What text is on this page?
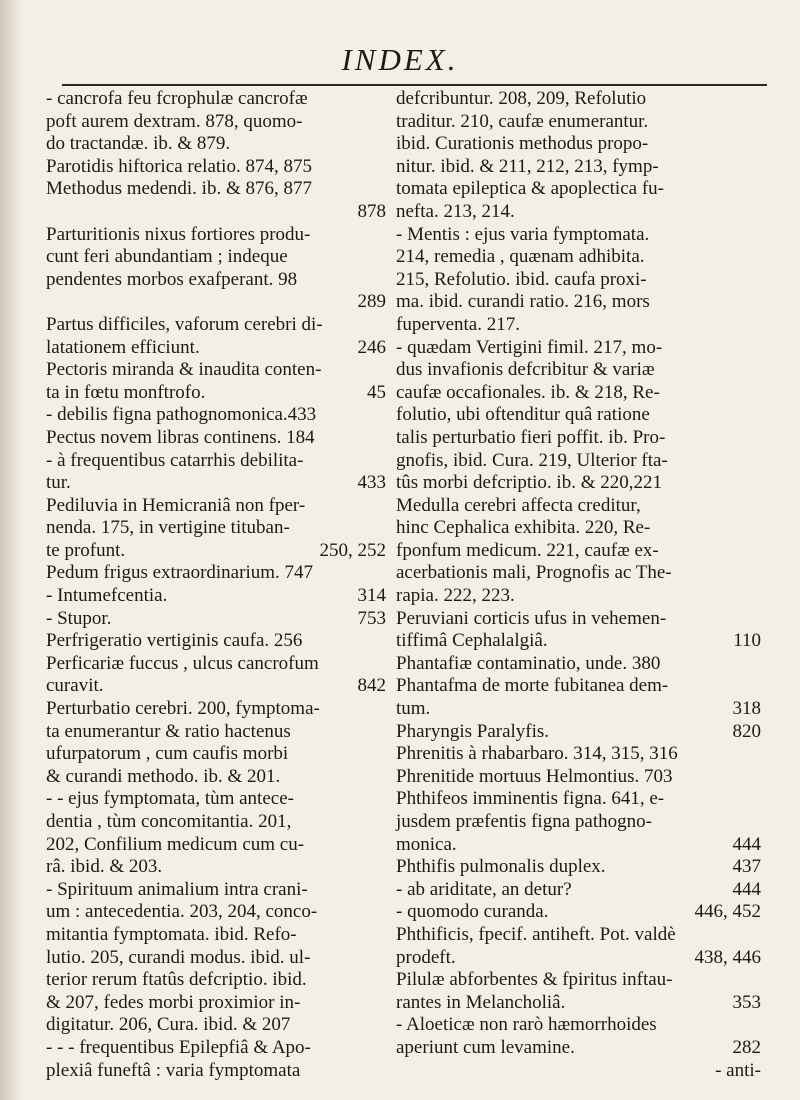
INDEX.
- cancrofa feu fcrophulæ cancrofæ
poft aurem dextram. 878, quomo-
do tractandæ. ib. & 879.
Parotidis hiftorica relatio. 874, 875
Methodus medendi. ib. & 876, 877
878

Parturitionis nixus fortiores produ-
cunt feri abundantiam ; indeque
pendentes morbos exafperant. 98
289

Partus difficiles, vaforum cerebri di-
246
latationem efficiunt.
Pectoris miranda & inaudita conten-
45
ta in fœtu monftrofo.
- debilis figna pathognomonica.433
Pectus novem libras continens. 184
- à frequentibus catarrhis debilita-
433
tur.
Pediluvia in Hemicraniâ non fper-
nenda. 175, in vertigine tituban-
250, 252
te profunt.
Pedum frigus extraordinarium. 747
314
- Intumefcentia.
753
- Stupor.
Perfrigeratio vertiginis caufa. 256
Perficariæ fuccus , ulcus cancrofum
842
curavit.
Perturbatio cerebri. 200, fymptoma-
ta enumerantur & ratio hactenus
ufurpatorum , cum caufis morbi
& curandi methodo. ib. & 201.
- - ejus fymptomata, tùm antece-
dentia , tùm concomitantia. 201,
202, Confilium medicum cum cu-
râ. ibid. & 203.
- Spirituum animalium intra crani-
um : antecedentia. 203, 204, conco-
mitantia fymptomata. ibid. Refo-
lutio. 205, curandi modus. ibid. ul-
terior rerum ftatûs defcriptio. ibid.
& 207, fedes morbi proximior in-
digitatur. 206, Cura. ibid. & 207
- - - frequentibus Epilepfiâ & Apo-
plexiâ funeftâ : varia fymptomata
defcribuntur. 208, 209, Refolutio
traditur. 210, caufæ enumerantur.
ibid. Curationis methodus propo-
nitur. ibid. & 211, 212, 213, fymp-
tomata epileptica & apoplectica fu-
nefta. 213, 214.
- Mentis : ejus varia fymptomata.
214, remedia , quænam adhibita.
215, Refolutio. ibid. caufa proxi-
ma. ibid. curandi ratio. 216, mors
fuperventa. 217.
- quædam Vertigini fimil. 217, mo-
dus invafionis defcribitur & variæ
caufæ occafionales. ib. & 218, Re-
folutio, ubi oftenditur quâ ratione
talis perturbatio fieri poffit. ib. Pro-
gnofis, ibid. Cura. 219, Ulterior fta-
tûs morbi defcriptio. ib. & 220,221
Medulla cerebri affecta creditur,
hinc Cephalica exhibita. 220, Re-
fponfum medicum. 221, caufæ ex-
acerbationis mali, Prognofis ac The-
rapia. 222, 223.
Peruviani corticis ufus in vehemen-
110
tiffimâ Cephalalgiâ.
Phantafiæ contaminatio, unde. 380
Phantafma de morte fubitanea dem-
318
tum.
820
Pharyngis Paralyfis.
Phrenitis à rhabarbaro. 314, 315, 316
Phrenitide mortuus Helmontius. 703
Phthifeos imminentis figna. 641, e-
jusdem præfentis figna pathogno-
444
monica.
437
Phthifis pulmonalis duplex.
444
- ab ariditate, an detur?
446, 452
- quomodo curanda.
Phthificis, fpecif. antiheft. Pot. valdè
438, 446
prodeft.
Pilulæ abforbentes & fpiritus inftau-
353
rantes in Melancholiâ.
- Aloeticæ non rarò hæmorrhoides
282
aperiunt cum levamine.
- anti-
